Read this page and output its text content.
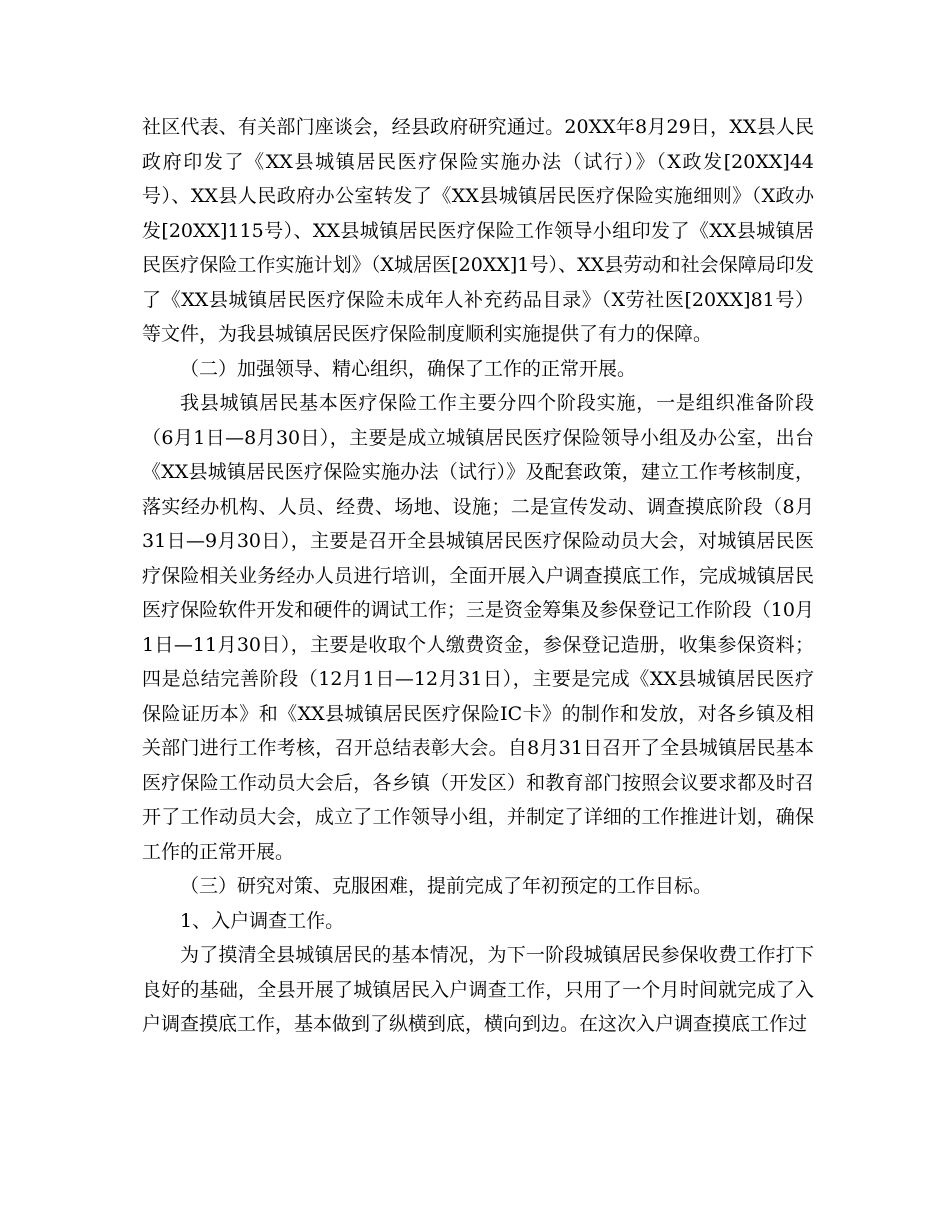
社区代表、有关部门座谈会，经县政府研究通过。20XX年8月29日，XX县人民政府印发了《XX县城镇居民医疗保险实施办法（试行）》（X政发[20XX]44号）、XX县人民政府办公室转发了《XX县城镇居民医疗保险实施细则》（X政办发[20XX]115号）、XX县城镇居民医疗保险工作领导小组印发了《XX县城镇居民医疗保险工作实施计划》（X城居医[20XX]1号）、XX县劳动和社会保障局印发了《XX县城镇居民医疗保险未成年人补充药品目录》（X劳社医[20XX]81号）等文件，为我县城镇居民医疗保险制度顺利实施提供了有力的保障。

（二）加强领导、精心组织，确保了工作的正常开展。

我县城镇居民基本医疗保险工作主要分四个阶段实施，一是组织准备阶段（6月1日—8月30日），主要是成立城镇居民医疗保险领导小组及办公室，出台《XX县城镇居民医疗保险实施办法（试行）》及配套政策，建立工作考核制度，落实经办机构、人员、经费、场地、设施；二是宣传发动、调查摸底阶段（8月31日—9月30日），主要是召开全县城镇居民医疗保险动员大会，对城镇居民医疗保险相关业务经办人员进行培训，全面开展入户调查摸底工作，完成城镇居民医疗保险软件开发和硬件的调试工作；三是资金筹集及参保登记工作阶段（10月1日—11月30日），主要是收取个人缴费资金，参保登记造册，收集参保资料；四是总结完善阶段（12月1日—12月31日），主要是完成《XX县城镇居民医疗保险证历本》和《XX县城镇居民医疗保险IC卡》的制作和发放，对各乡镇及相关部门进行工作考核，召开总结表彰大会。自8月31日召开了全县城镇居民基本医疗保险工作动员大会后，各乡镇（开发区）和教育部门按照会议要求都及时召开了工作动员大会，成立了工作领导小组，并制定了详细的工作推进计划，确保工作的正常开展。

（三）研究对策、克服困难，提前完成了年初预定的工作目标。

1、入户调查工作。

为了摸清全县城镇居民的基本情况，为下一阶段城镇居民参保收费工作打下良好的基础，全县开展了城镇居民入户调查工作，只用了一个月时间就完成了入户调查摸底工作，基本做到了纵横到底，横向到边。在这次入户调查摸底工作过
